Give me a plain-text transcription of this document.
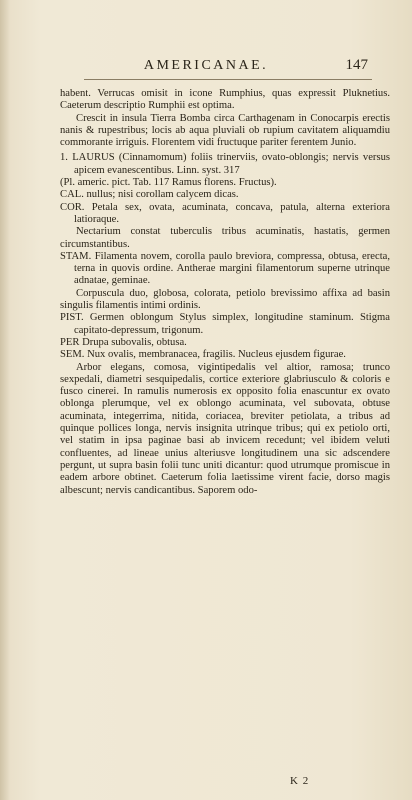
AMERICANAE.	147

habent. Verrucas omisit in icone Rumphius, quas expressit Pluknetius. Caeterum descriptio Rumphii est optima.

Crescit in insula Tierra Bomba circa Carthagenam in Conocarpis erectis nanis & rupestribus; locis ab aqua pluviali ob rupium cavitatem aliquamdiu commorante irriguis. Florentem vidi fructuque pariter ferentem Junio.

1. LAURUS (Cinnamomum) foliis trinerviis, ovato-oblongis; nervis versus apicem evanescentibus. Linn. syst. 317

(Pl. americ. pict. Tab. 117 Ramus florens. Fructus).

CAL. nullus; nisi corollam calycem dicas.

COR. Petala sex, ovata, acuminata, concava, patula, alterna exteriora latioraque.

Nectarium constat tuberculis tribus acuminatis, hastatis, germen circumstantibus.

STAM. Filamenta novem, corolla paulo breviora, compressa, obtusa, erecta, terna in quovis ordine. Antherae margini filamentorum superne utrinque adnatae, geminae.

Corpuscula duo, globosa, colorata, petiolo brevissimo affixa ad basin singulis filamentis intimi ordinis.

PIST. Germen oblongum Stylus simplex, longitudine staminum. Stigma capitato-depressum, trigonum.

PER Drupa subovalis, obtusa.

SEM. Nux ovalis, membranacea, fragilis. Nucleus ejusdem figurae.

Arbor elegans, comosa, vigintipedalis vel altior, ramosa; trunco sexpedali, diametri sesquipedalis, cortice exteriore glabriusculo & coloris e fusco cinerei. In ramulis numerosis ex opposito folia enascuntur ex ovato oblonga plerumque, vel ex oblongo acuminata, vel subovata, obtuse acuminata, integerrima, nitida, coriacea, breviter petiolata, a tribus ad quinque pollices longa, nervis insignita utrinque tribus; qui ex petiolo orti, vel statim in ipsa paginae basi ab invicem recedunt; vel ibidem veluti confluentes, ad lineae unius alteriusve longitudinem una sic adscendere pergunt, ut supra basin folii tunc uniti dicantur: quod utrumque promiscue in eadem arbore obtinet. Caeterum folia laetissime virent facie, dorso magis albescunt; nervis candicantibus. Saporem odo-

K 2
